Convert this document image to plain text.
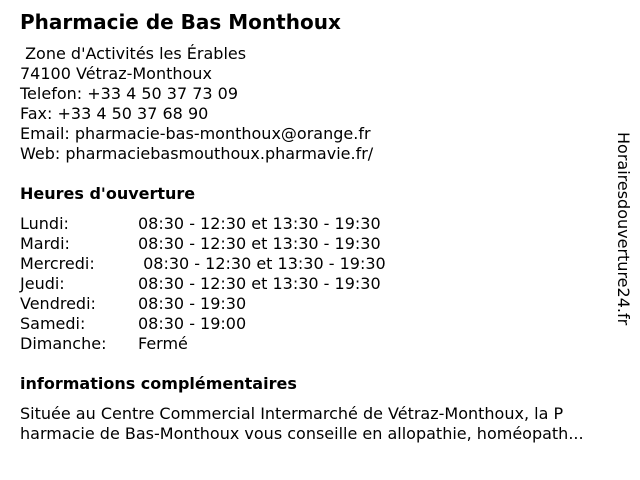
Pharmacie de Bas Monthoux
Zone d'Activités les Érables
74100 Vétraz-Monthoux
Telefon: +33 4 50 37 73 09
Fax: +33 4 50 37 68 90
Email: pharmacie-bas-monthoux@orange.fr
Web: pharmaciebasmouthoux.pharmavie.fr/
Heures d'ouverture
Lundi:	08:30 - 12:30 et 13:30 - 19:30
Mardi:	08:30 - 12:30 et 13:30 - 19:30
Mercredi:	08:30 - 12:30 et 13:30 - 19:30
Jeudi:	08:30 - 12:30 et 13:30 - 19:30
Vendredi:	08:30 - 19:30
Samedi:	08:30 - 19:00
Dimanche:	Fermé
informations complémentaires
Située au Centre Commercial Intermarché de Vétraz-Monthoux, la P
harmacie de Bas-Monthoux vous conseille en allopathie, homéopath...
Horairesdouverture24.fr
